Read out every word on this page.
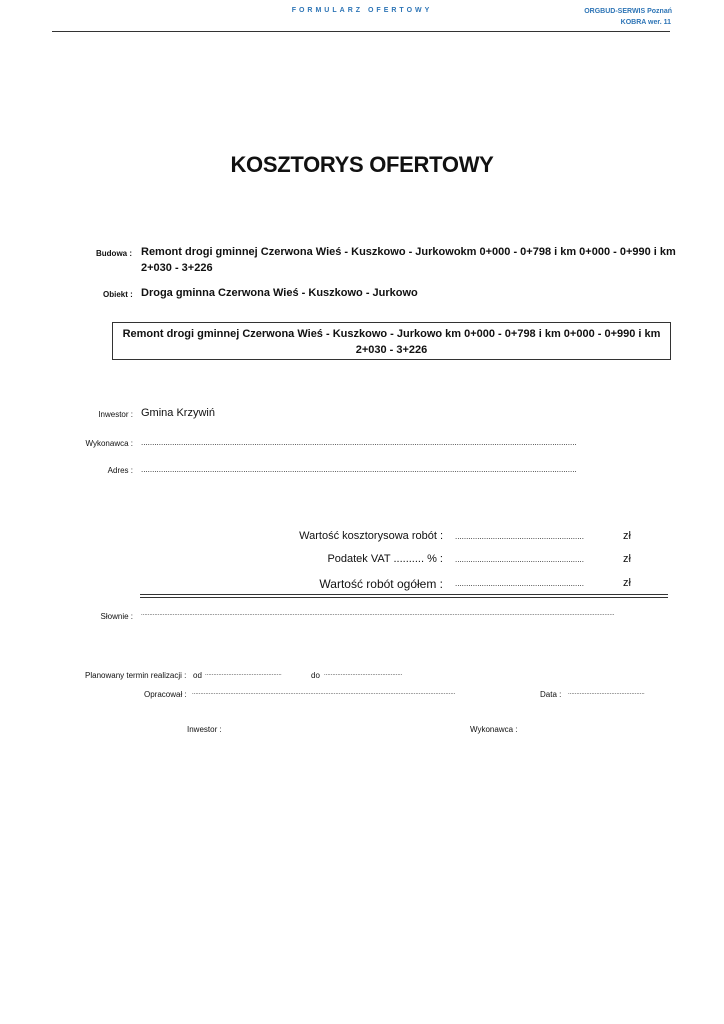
FORMULARZ OFERTOWY	ORGBUD-SERWIS Poznań
KOBRA wer. 11
KOSZTORYS OFERTOWY
Budowa : Remont drogi gminnej Czerwona Wieś - Kuszkowo - Jurkowokm 0+000 - 0+798 i km 0+000 - 0+990 i km
2+030 - 3+226
Obiekt : Droga gminna Czerwona Wieś - Kuszkowo - Jurkowo
Remont drogi gminnej Czerwona Wieś - Kuszkowo - Jurkowo km 0+000 - 0+798 i km 0+000 - 0+990 i km
2+030 - 3+226
Inwestor : Gmina Krzywiń
Wykonawca : ....................................................................................................................................................................................................
Adres : ....................................................................................................................................................................................................
Wartość kosztorysowa robót : ..........................................................	zł
Podatek VAT .......... % : ..........................................................	zł
Wartość robót ogółem : ..........................................................	zł
Słownie : ............................................................................................................................................................................................................................................................................................
Planowany termin realizacji : od ..............................................	do ...............................................
Opracował : ..............................................................................................................................................................	Data : ..............................................
Inwestor :	Wykonawca :
